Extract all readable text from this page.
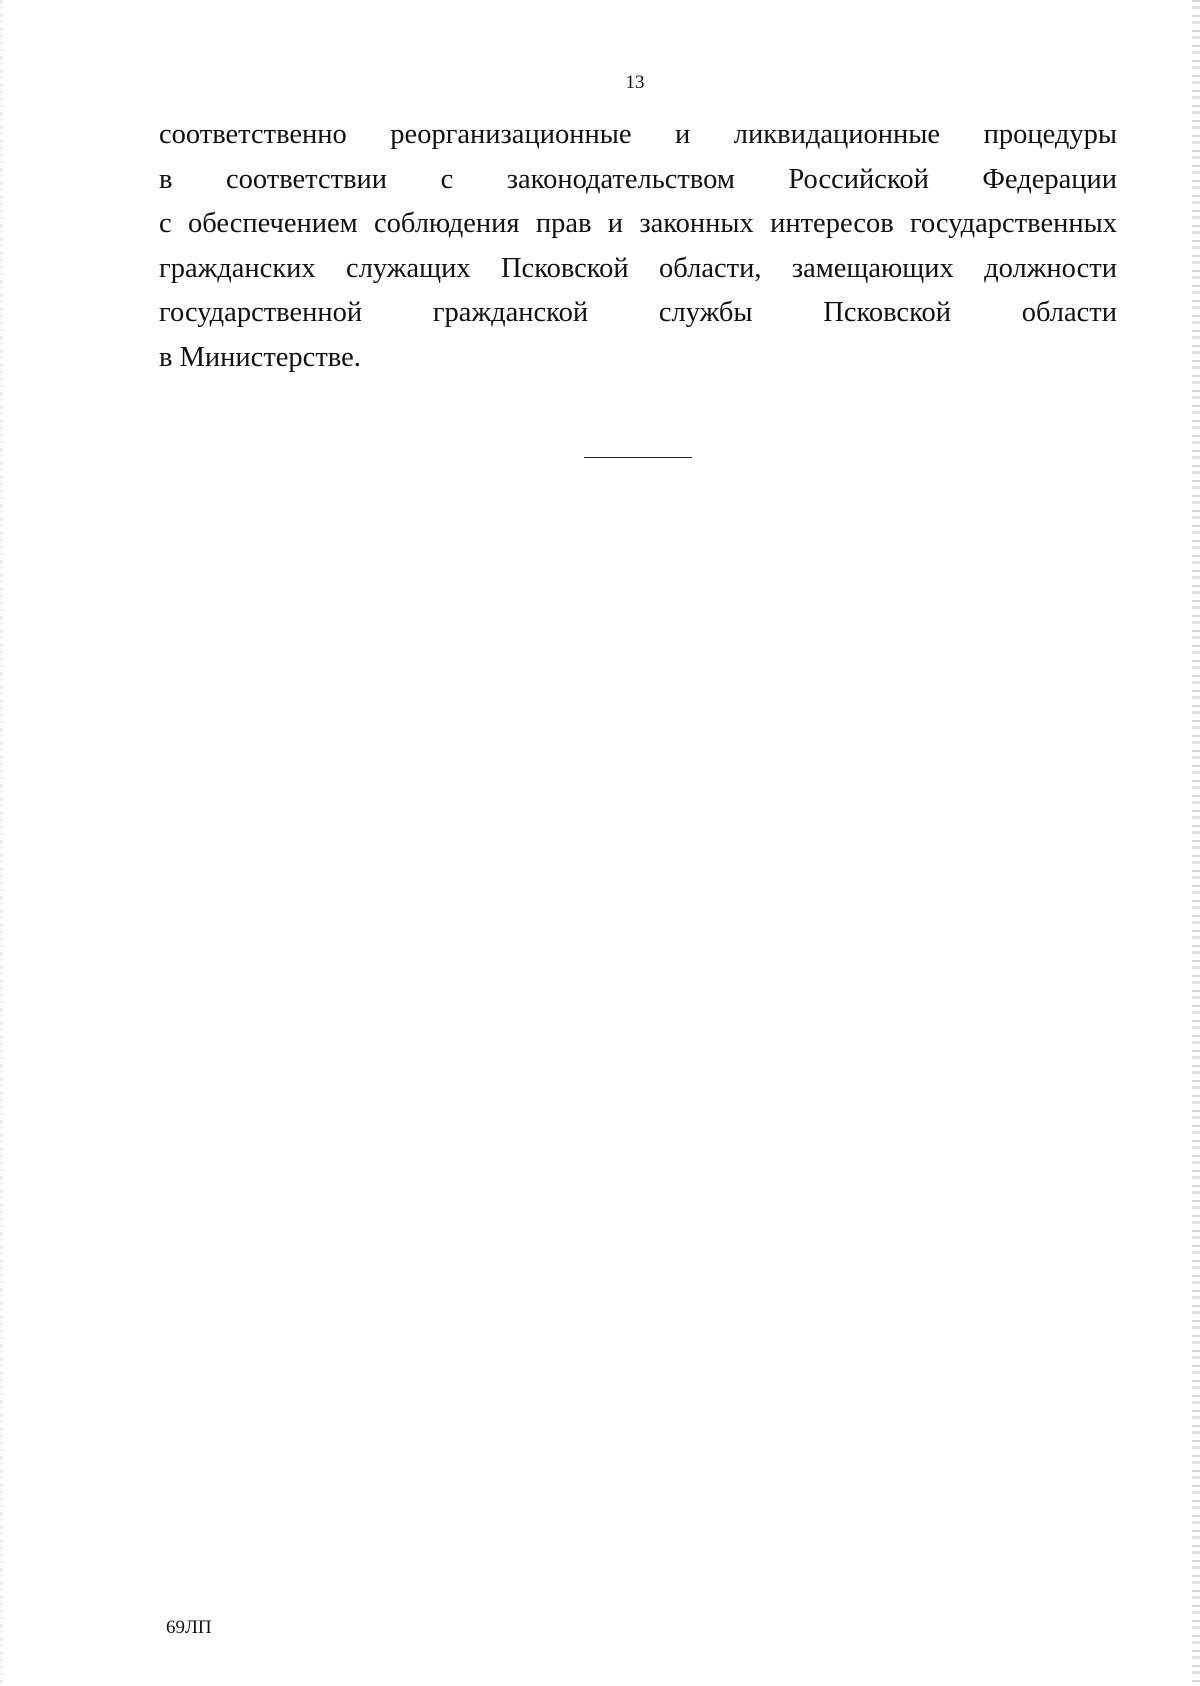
13

соответственно реорганизационные и ликвидационные процедуры
в соответствии с законодательством Российской Федерации
с обеспечением соблюдения прав и законных интересов государственных
гражданских служащих Псковской области, замещающих должности
государственной гражданской службы Псковской области
в Министерстве.

69ЛП
